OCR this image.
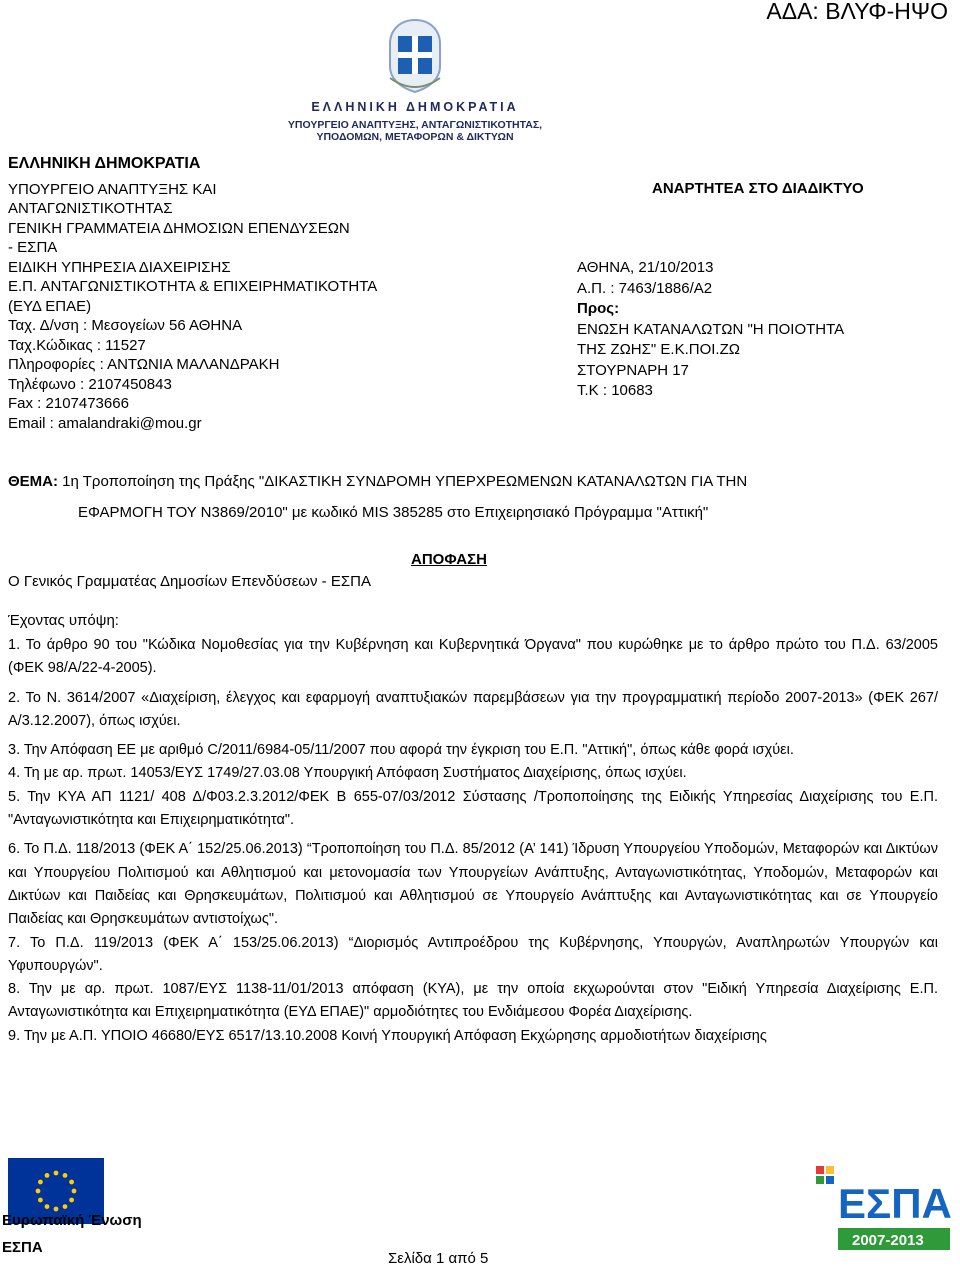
ΑΔΑ: ΒΛΥΦ-ΗΨΟ
ΕΛΛΗΝΙΚΗ ΔΗΜΟΚΡΑΤΙΑ
ΥΠΟΥΡΓΕΙΟ ΑΝΑΠΤΥΞΗΣ, ΑΝΤΑΓΩΝΙΣΤΙΚΟΤΗΤΑΣ,
ΥΠΟΔΟΜΩΝ, ΜΕΤΑΦΟΡΩΝ & ΔΙΚΤΥΩΝ
ΕΛΛΗΝΙΚΗ ΔΗΜΟΚΡΑΤΙΑ
ΥΠΟΥΡΓΕΙΟ ΑΝΑΠΤΥΞΗΣ ΚΑΙ
ΑΝΤΑΓΩΝΙΣΤΙΚΟΤΗΤΑΣ
ΓΕΝΙΚΗ ΓΡΑΜΜΑΤΕΙΑ ΔΗΜΟΣΙΩΝ ΕΠΕΝΔΥΣΕΩΝ
- ΕΣΠΑ
ΕΙΔΙΚΗ ΥΠΗΡΕΣΙΑ ΔΙΑΧΕΙΡΙΣΗΣ
Ε.Π. ΑΝΤΑΓΩΝΙΣΤΙΚΟΤΗΤΑ & ΕΠΙΧΕΙΡΗΜΑΤΙΚΟΤΗΤΑ
(ΕΥΔ ΕΠΑΕ)
Ταχ. Δ/νση : Μεσογείων 56 ΑΘΗΝΑ
Ταχ.Κώδικας : 11527
Πληροφορίες : ΑΝΤΩΝΙΑ ΜΑΛΑΝΔΡΑΚΗ
Τηλέφωνο : 2107450843
Fax : 2107473666
Email : amalandraki@mou.gr
ΑΝΑΡΤΗΤΕΑ ΣΤΟ ΔΙΑΔΙΚΤΥΟ
ΑΘΗΝΑ, 21/10/2013
Α.Π. : 7463/1886/Α2
Προς:
ΕΝΩΣΗ ΚΑΤΑΝΑΛΩΤΩΝ "Η ΠΟΙΟΤΗΤΑ
ΤΗΣ ΖΩΗΣ" Ε.Κ.ΠΟΙ.ΖΩ
ΣΤΟΥΡΝΑΡΗ 17
Τ.Κ : 10683
ΘΕΜΑ: 1η Τροποποίηση της Πράξης "ΔΙΚΑΣΤΙΚΗ ΣΥΝΔΡΟΜΗ ΥΠΕΡΧΡΕΩΜΕΝΩΝ ΚΑΤΑΝΑΛΩΤΩΝ ΓΙΑ ΤΗΝ
ΕΦΑΡΜΟΓΗ ΤΟΥ Ν3869/2010" με κωδικό MIS 385285 στο Επιχειρησιακό Πρόγραμμα "Αττική"
ΑΠΟΦΑΣΗ
Ο Γενικός Γραμματέας Δημοσίων Επενδύσεων - ΕΣΠΑ
Έχοντας υπόψη:

1. Το άρθρο 90 του "Κώδικα Νομοθεσίας για την Κυβέρνηση και Κυβερνητικά Όργανα" που κυρώθηκε με το άρθρο πρώτο του Π.Δ. 63/2005 (ΦΕΚ 98/Α/22-4-2005).

2. Το Ν. 3614/2007 «Διαχείριση, έλεγχος και εφαρμογή αναπτυξιακών παρεμβάσεων για την προγραμματική περίοδο 2007-2013» (ΦΕΚ 267/Α/3.12.2007), όπως ισχύει.

3. Την Απόφαση ΕΕ με αριθμό C/2011/6984-05/11/2007 που αφορά την έγκριση του Ε.Π. "Αττική", όπως κάθε φορά ισχύει.

4. Τη με αρ. πρωτ. 14053/ΕΥΣ 1749/27.03.08 Υπουργική Απόφαση Συστήματος Διαχείρισης, όπως ισχύει.

5. Την ΚΥΑ ΑΠ 1121/ 408 Δ/Φ03.2.3.2012/ΦΕΚ Β 655-07/03/2012 Σύστασης /Τροποποίησης της Ειδικής Υπηρεσίας Διαχείρισης του Ε.Π. "Ανταγωνιστικότητα και Επιχειρηματικότητα".

6. Το Π.Δ. 118/2013 (ΦΕΚ Α΄ 152/25.06.2013) “Τροποποίηση του Π.Δ. 85/2012 (Α’ 141) Ίδρυση Υπουργείου Υποδομών, Μεταφορών και Δικτύων και Υπουργείου Πολιτισμού και Αθλητισμού και μετονομασία των Υπουργείων Ανάπτυξης, Ανταγωνιστικότητας, Υποδομών, Μεταφορών και Δικτύων και Παιδείας και Θρησκευμάτων, Πολιτισμού και Αθλητισμού σε Υπουργείο Ανάπτυξης και Ανταγωνιστικότητας και σε Υπουργείο Παιδείας και Θρησκευμάτων αντιστοίχως".

7. Το Π.Δ. 119/2013 (ΦΕΚ Α΄ 153/25.06.2013) “Διορισμός Αντιπροέδρου της Κυβέρνησης, Υπουργών, Αναπληρωτών Υπουργών και Υφυπουργών".

8. Την με αρ. πρωτ. 1087/ΕΥΣ 1138-11/01/2013 απόφαση (ΚΥΑ), με την οποία εκχωρούνται στον "Ειδική Υπηρεσία Διαχείρισης Ε.Π. Ανταγωνιστικότητα και Επιχειρηματικότητα (ΕΥΔ ΕΠΑΕ)" αρμοδιότητες του Ενδιάμεσου Φορέα Διαχείρισης.

9. Την με Α.Π. ΥΠΟΙΟ 46680/ΕΥΣ 6517/13.10.2008 Κοινή Υπουργική Απόφαση Εκχώρησης αρμοδιοτήτων διαχείρισης

Ευρωπαϊκή Ένωση
ΕΣΠΑ
ΕΣΠΑ
2007-2013
Σελίδα 1 από 5
